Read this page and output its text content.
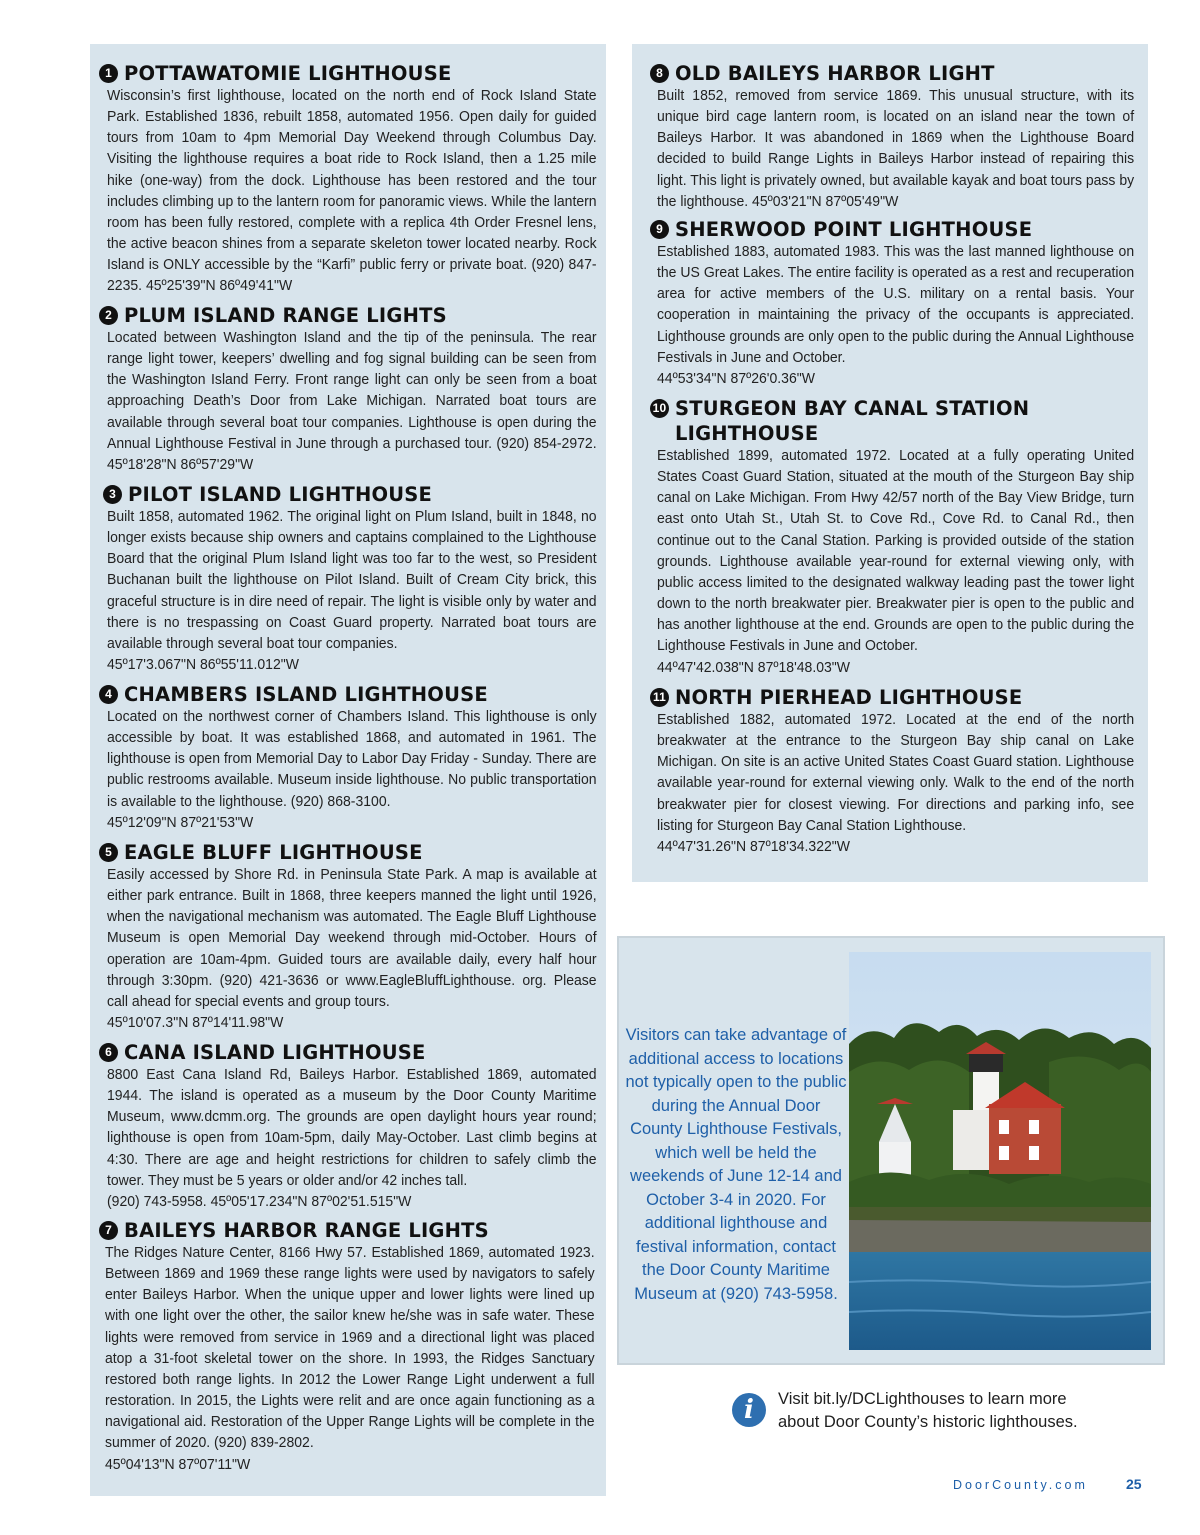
1 POTTAWATOMIE LIGHTHOUSE
Wisconsin’s first lighthouse, located on the north end of Rock Island State Park. Established 1836, rebuilt 1858, automated 1956. Open daily for guided tours from 10am to 4pm Memorial Day Weekend through Columbus Day. Visiting the lighthouse requires a boat ride to Rock Island, then a 1.25 mile hike (one-way) from the dock. Lighthouse has been restored and the tour includes climbing up to the lantern room for panoramic views. While the lantern room has been fully restored, complete with a replica 4th Order Fresnel lens, the active beacon shines from a separate skeleton tower located nearby. Rock Island is ONLY accessible by the “Karfi” public ferry or private boat. (920) 847-2235. 45º25'39"N 86º49'41"W
2 PLUM ISLAND RANGE LIGHTS
Located between Washington Island and the tip of the peninsula. The rear range light tower, keepers’ dwelling and fog signal building can be seen from the Washington Island Ferry. Front range light can only be seen from a boat approaching Death’s Door from Lake Michigan. Narrated boat tours are available through several boat tour companies. Lighthouse is open during the Annual Lighthouse Festival in June through a purchased tour. (920) 854-2972. 45º18'28"N 86º57'29"W
3 PILOT ISLAND LIGHTHOUSE
Built 1858, automated 1962. The original light on Plum Island, built in 1848, no longer exists because ship owners and captains complained to the Lighthouse Board that the original Plum Island light was too far to the west, so President Buchanan built the lighthouse on Pilot Island. Built of Cream City brick, this graceful structure is in dire need of repair. The light is visible only by water and there is no trespassing on Coast Guard property. Narrated boat tours are available through several boat tour companies.
45º17'3.067"N 86º55'11.012"W
4 CHAMBERS ISLAND LIGHTHOUSE
Located on the northwest corner of Chambers Island. This lighthouse is only accessible by boat. It was established 1868, and automated in 1961. The lighthouse is open from Memorial Day to Labor Day Friday - Sunday. There are public restrooms available. Museum inside lighthouse. No public transportation is available to the lighthouse. (920) 868-3100.
45º12'09"N 87º21'53"W
5 EAGLE BLUFF LIGHTHOUSE
Easily accessed by Shore Rd. in Peninsula State Park. A map is available at either park entrance. Built in 1868, three keepers manned the light until 1926, when the navigational mechanism was automated. The Eagle Bluff Lighthouse Museum is open Memorial Day weekend through mid-October. Hours of operation are 10am-4pm. Guided tours are available daily, every half hour through 3:30pm. (920) 421-3636 or www.EagleBluffLighthouse. org. Please call ahead for special events and group tours.
45º10'07.3"N 87º14'11.98"W
6 CANA ISLAND LIGHTHOUSE
8800 East Cana Island Rd, Baileys Harbor. Established 1869, automated 1944. The island is operated as a museum by the Door County Maritime Museum, www.dcmm.org. The grounds are open daylight hours year round; lighthouse is open from 10am-5pm, daily May-October. Last climb begins at 4:30. There are age and height restrictions for children to safely climb the tower. They must be 5 years or older and/or 42 inches tall.
(920) 743-5958. 45º05'17.234"N 87º02'51.515"W
7 BAILEYS HARBOR RANGE LIGHTS
The Ridges Nature Center, 8166 Hwy 57. Established 1869, automated 1923. Between 1869 and 1969 these range lights were used by navigators to safely enter Baileys Harbor. When the unique upper and lower lights were lined up with one light over the other, the sailor knew he/she was in safe water. These lights were removed from service in 1969 and a directional light was placed atop a 31-foot skeletal tower on the shore. In 1993, the Ridges Sanctuary restored both range lights. In 2012 the Lower Range Light underwent a full restoration. In 2015, the Lights were relit and are once again functioning as a navigational aid. Restoration of the Upper Range Lights will be complete in the summer of 2020. (920) 839-2802.
45º04'13"N 87º07'11"W
8 OLD BAILEYS HARBOR LIGHT
Built 1852, removed from service 1869. This unusual structure, with its unique bird cage lantern room, is located on an island near the town of Baileys Harbor. It was abandoned in 1869 when the Lighthouse Board decided to build Range Lights in Baileys Harbor instead of repairing this light. This light is privately owned, but available kayak and boat tours pass by the lighthouse. 45º03'21"N 87º05'49"W
9 SHERWOOD POINT LIGHTHOUSE
Established 1883, automated 1983. This was the last manned lighthouse on the US Great Lakes. The entire facility is operated as a rest and recuperation area for active members of the U.S. military on a rental basis. Your cooperation in maintaining the privacy of the occupants is appreciated. Lighthouse grounds are only open to the public during the Annual Lighthouse Festivals in June and October.
44º53'34"N 87º26'0.36"W
10 STURGEON BAY CANAL STATION LIGHTHOUSE
Established 1899, automated 1972. Located at a fully operating United States Coast Guard Station, situated at the mouth of the Sturgeon Bay ship canal on Lake Michigan. From Hwy 42/57 north of the Bay View Bridge, turn east onto Utah St., Utah St. to Cove Rd., Cove Rd. to Canal Rd., then continue out to the Canal Station. Parking is provided outside of the station grounds. Lighthouse available year-round for external viewing only, with public access limited to the designated walkway leading past the tower light down to the north breakwater pier. Breakwater pier is open to the public and has another lighthouse at the end. Grounds are open to the public during the Lighthouse Festivals in June and October.
44º47'42.038"N 87º18'48.03"W
11 NORTH PIERHEAD LIGHTHOUSE
Established 1882, automated 1972. Located at the end of the north breakwater at the entrance to the Sturgeon Bay ship canal on Lake Michigan. On site is an active United States Coast Guard station. Lighthouse available year-round for external viewing only. Walk to the end of the north breakwater pier for closest viewing. For directions and parking info, see listing for Sturgeon Bay Canal Station Lighthouse.
44º47'31.26"N 87º18'34.322"W
Visitors can take advantage of additional access to locations not typically open to the public during the Annual Door County Lighthouse Festivals, which well be held the weekends of June 12-14 and October 3-4 in 2020. For additional lighthouse and festival information, contact the Door County Maritime Museum at (920) 743-5958.
i	Visit bit.ly/DCLighthouses to learn more
about Door County’s historic lighthouses.
DoorCounty.com	25
